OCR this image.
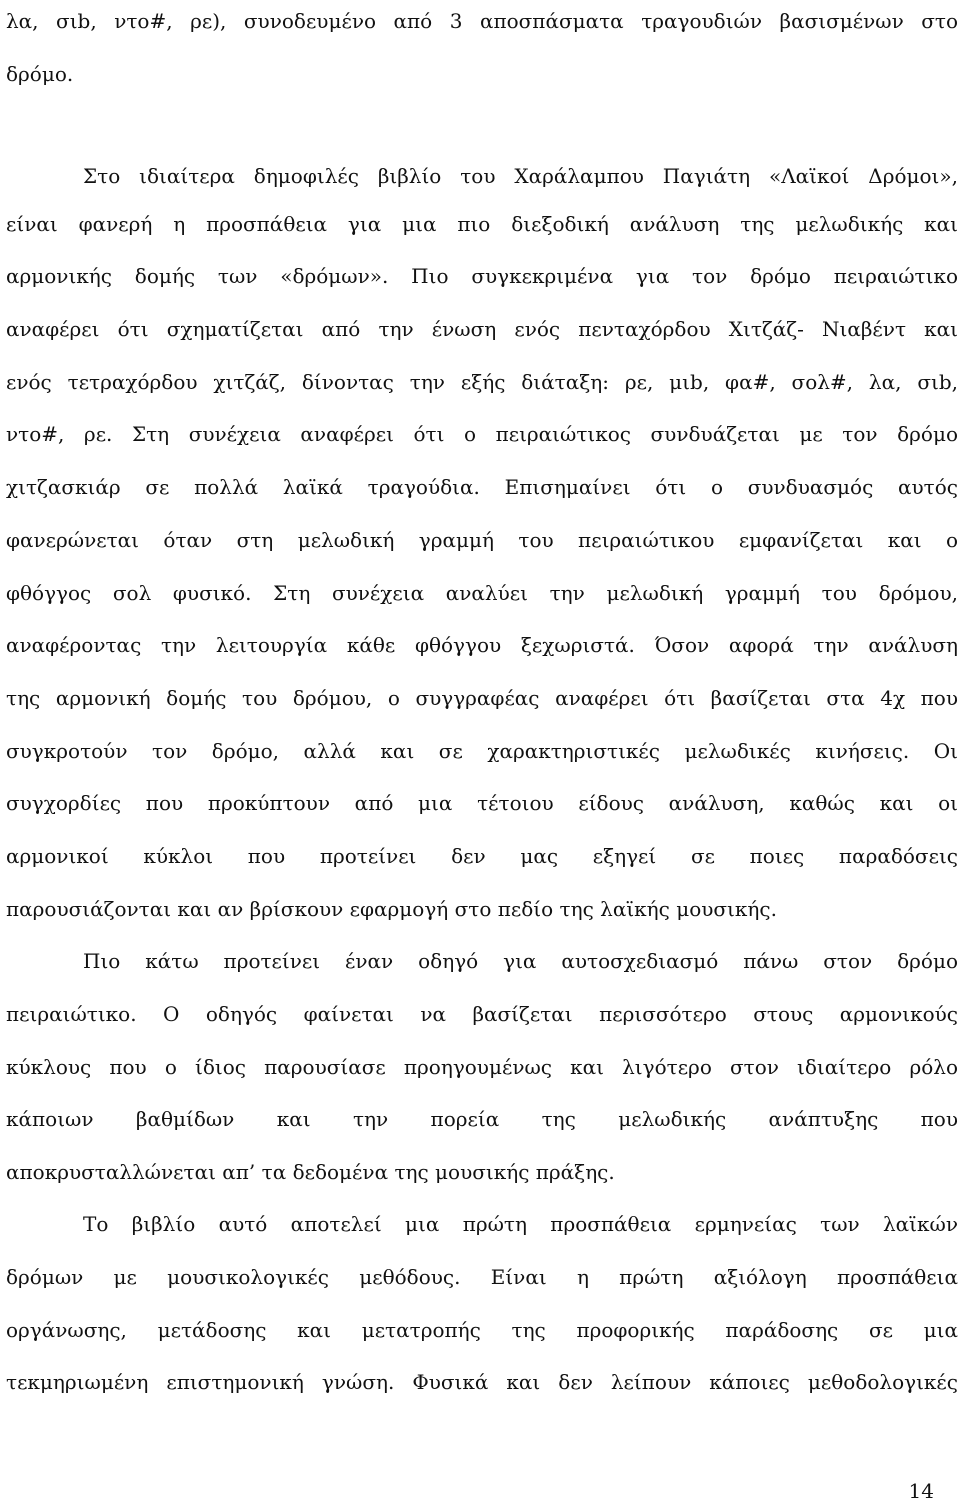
λα, σιb, ντο#, ρε), συνοδευμένο από 3 αποσπάσματα τραγουδιών βασισμένων στο
δρόμο.
Στο ιδιαίτερα δημοφιλές βιβλίο του Χαράλαμπου Παγιάτη «Λαϊκοί Δρόμοι»,
είναι φανερή η προσπάθεια για μια πιο διεξοδική ανάλυση της μελωδικής και
αρμονικής δομής των «δρόμων». Πιο συγκεκριμένα για τον δρόμο πειραιώτικο
αναφέρει ότι σχηματίζεται από την ένωση ενός πενταχόρδου Χιτζάζ- Νιαβέντ και
ενός τετραχόρδου χιτζάζ, δίνοντας την εξής διάταξη: ρε, μιb, φα#, σολ#, λα, σιb,
ντο#, ρε. Στη συνέχεια αναφέρει ότι ο πειραιώτικος συνδυάζεται με τον δρόμο
χιτζασκιάρ σε πολλά λαϊκά τραγούδια. Επισημαίνει ότι ο συνδυασμός αυτός
φανερώνεται όταν στη μελωδική γραμμή του πειραιώτικου εμφανίζεται και ο
φθόγγος σολ φυσικό. Στη συνέχεια αναλύει την μελωδική γραμμή του δρόμου,
αναφέροντας την λειτουργία κάθε φθόγγου ξεχωριστά. Όσον αφορά την ανάλυση
της αρμονική δομής του δρόμου, ο συγγραφέας αναφέρει ότι βασίζεται στα 4χ που
συγκροτούν τον δρόμο, αλλά και σε χαρακτηριστικές μελωδικές κινήσεις. Οι
συγχορδίες που προκύπτουν από μια τέτοιου είδους ανάλυση, καθώς και οι
αρμονικοί κύκλοι που προτείνει δεν μας εξηγεί σε ποιες παραδόσεις
παρουσιάζονται και αν βρίσκουν εφαρμογή στο πεδίο της λαϊκής μουσικής.
Πιο κάτω προτείνει έναν οδηγό για αυτοσχεδιασμό πάνω στον δρόμο
πειραιώτικο. Ο οδηγός φαίνεται να βασίζεται περισσότερο στους αρμονικούς
κύκλους που ο ίδιος παρουσίασε προηγουμένως και λιγότερο στον ιδιαίτερο ρόλο
κάποιων βαθμίδων και την πορεία της μελωδικής ανάπτυξης που
αποκρυσταλλώνεται απ’ τα δεδομένα της μουσικής πράξης.
Το βιβλίο αυτό αποτελεί μια πρώτη προσπάθεια ερμηνείας των λαϊκών
δρόμων με μουσικολογικές μεθόδους. Είναι η πρώτη αξιόλογη προσπάθεια
οργάνωσης, μετάδοσης και μετατροπής της προφορικής παράδοσης σε μια
τεκμηριωμένη επιστημονική γνώση. Φυσικά και δεν λείπουν κάποιες μεθοδολογικές
14
